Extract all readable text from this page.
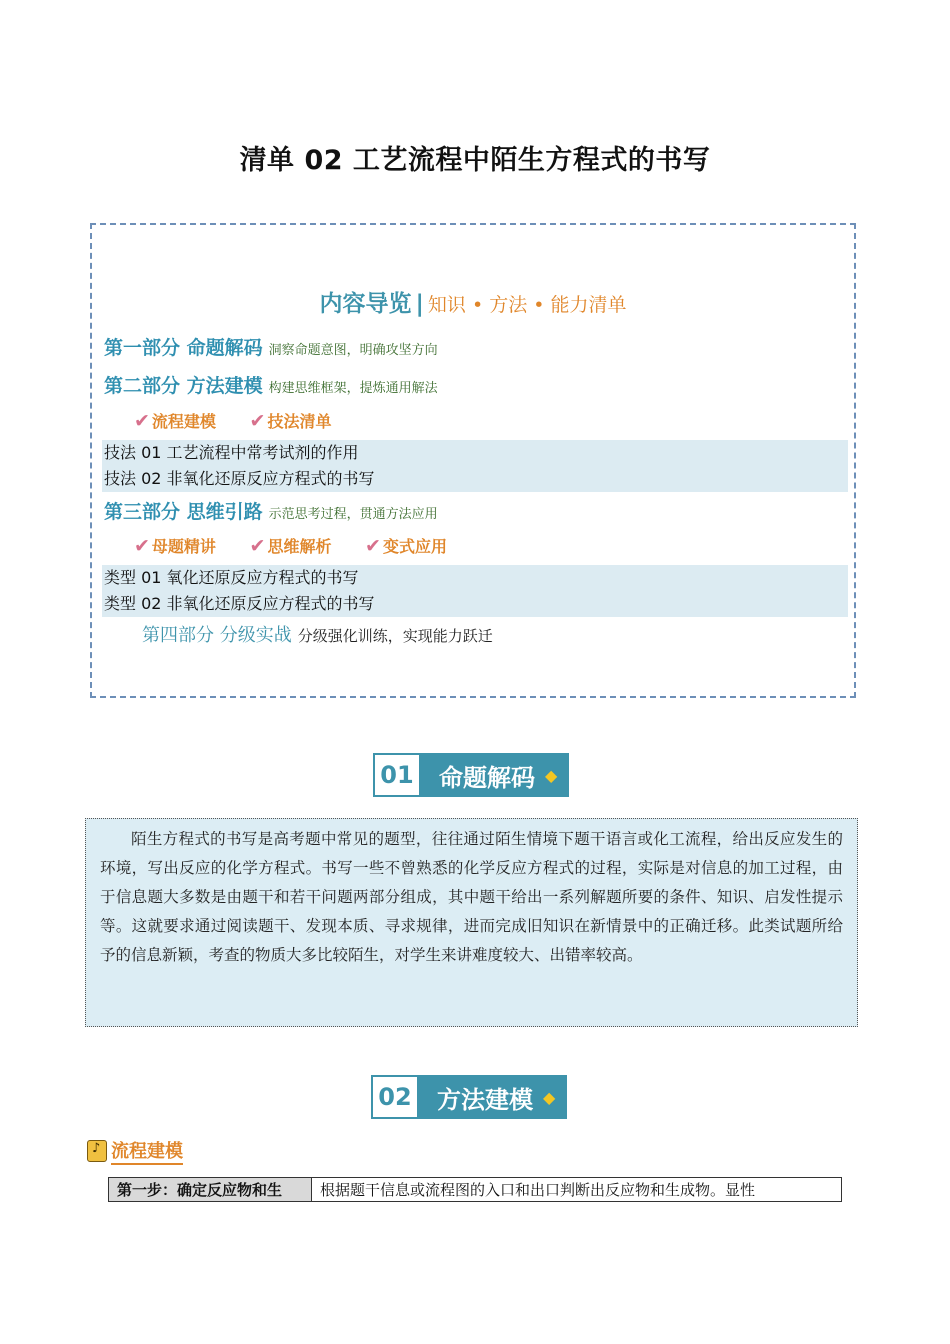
清单 02 工艺流程中陌生方程式的书写
内容导览 | 知识 • 方法 • 能力清单
第一部分 命题解码 洞察命题意图，明确攻坚方向
第二部分 方法建模 构建思维框架，提炼通用解法
✔ 流程建模 ✔ 技法清单
技法 01 工艺流程中常考试剂的作用
技法 02 非氧化还原反应方程式的书写
第三部分 思维引路 示范思考过程，贯通方法应用
✔ 母题精讲 ✔ 思维解析 ✔ 变式应用
类型 01 氧化还原反应方程式的书写
类型 02 非氧化还原反应方程式的书写
第四部分 分级实战 分级强化训练，实现能力跃迁
01	命题解码 ◆

陌生方程式的书写是高考题中常见的题型，往往通过陌生情境下题干语言或化工流程，给出反应发生的环境，写出反应的化学方程式。书写一些不曾熟悉的化学反应方程式的过程，实际是对信息的加工过程，由于信息题大多数是由题干和若干问题两部分组成，其中题干给出一系列解题所要的条件、知识、启发性提示等。这就要求通过阅读题干、发现本质、寻求规律，进而完成旧知识在新情景中的正确迁移。此类试题所给予的信息新颖，考查的物质大多比较陌生，对学生来讲难度较大、出错率较高。

02	方法建模 ◆
♪
流程建模
第一步：确定反应物和生	根据题干信息或流程图的入口和出口判断出反应物和生成物。显性
